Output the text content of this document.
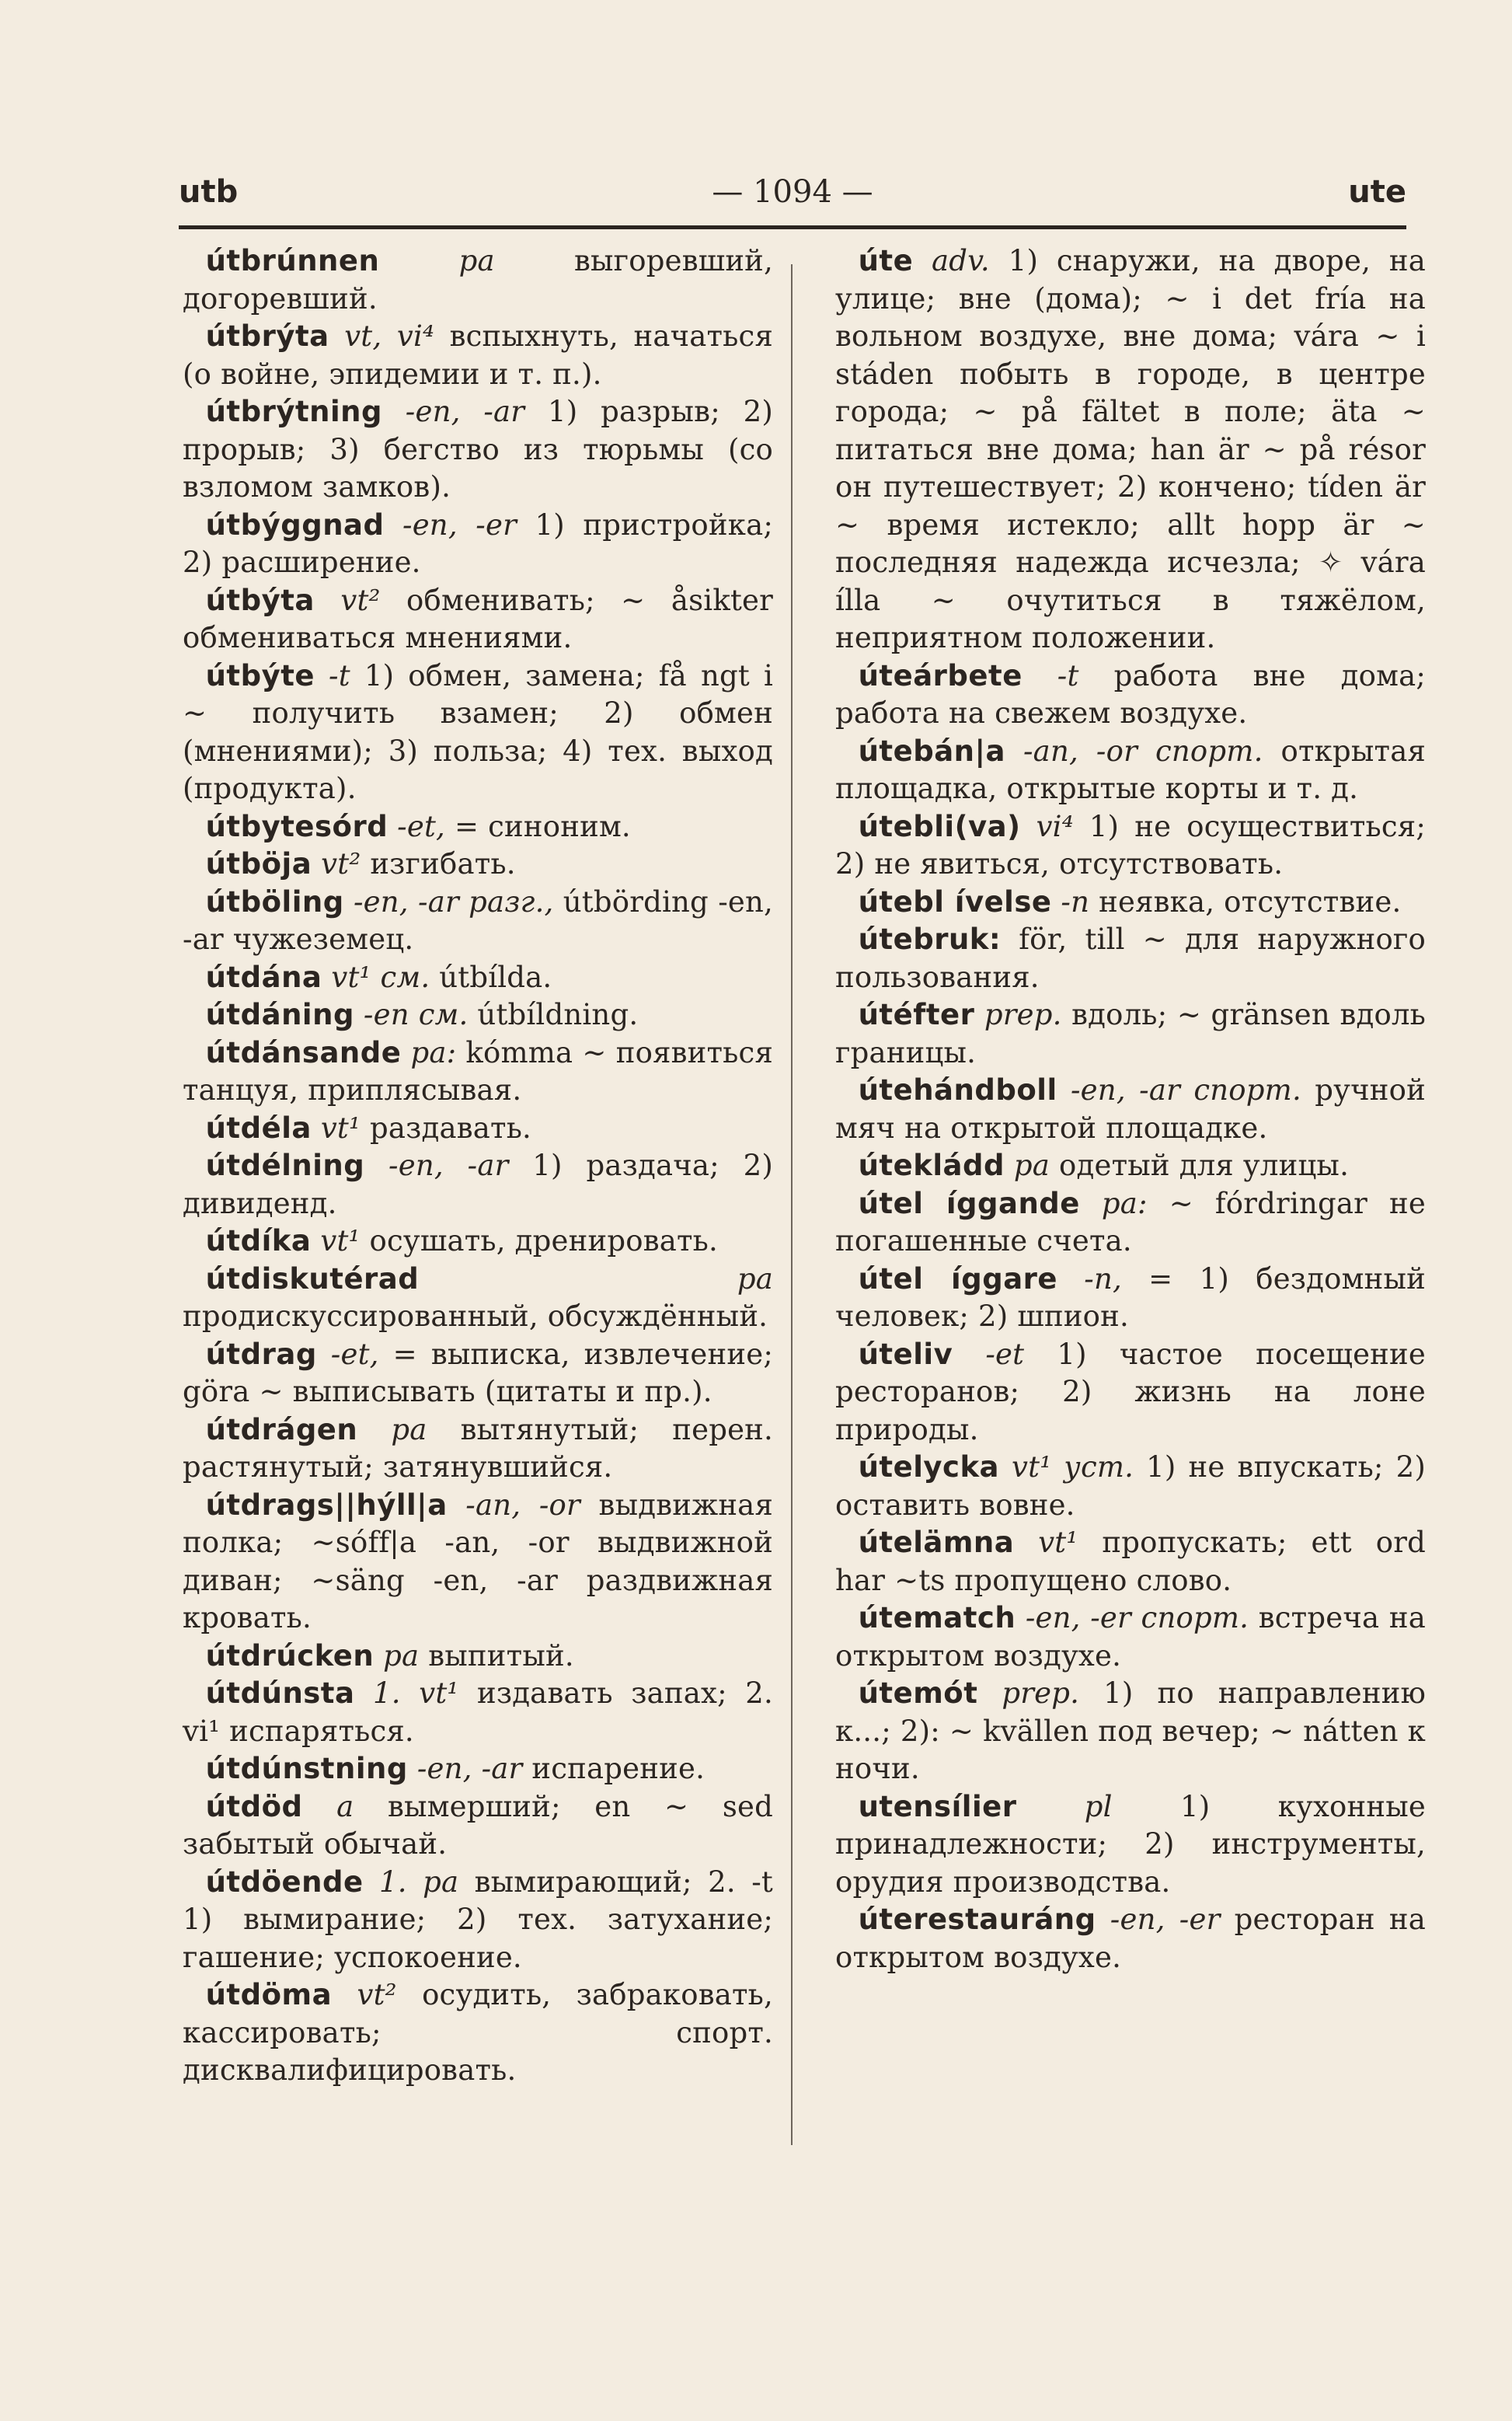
utb	— 1094 —	ute

útbrúnnen pa выгоревший, догоревший.

útbrýta vt, vi⁴ вспыхнуть, начаться (о войне, эпидемии и т. п.).

útbrýtning -en, -ar 1) разрыв; 2) прорыв; 3) бегство из тюрьмы (со взломом замков).

útbýggnad -en, -er 1) пристройка; 2) расширение.

útbýta vt² обменивать; ~ åsikter обмениваться мнениями.

útbýte -t 1) обмен, замена; få ngt i ~ получить взамен; 2) обмен (мнениями); 3) польза; 4) тех. выход (продукта).

útbytesórd -et, = синоним.

útböja vt² изгибать.

útböling -en, -ar разг., útbörding -en, -ar чужеземец.

útdána vt¹ см. útbílda.

útdáning -en см. útbíldning.

útdánsande pa: kómma ~ появиться танцуя, приплясывая.

útdéla vt¹ раздавать.

útdélning -en, -ar 1) раздача; 2) дивиденд.

útdíka vt¹ осушать, дренировать.

útdiskutérad pa продискуссированный, обсуждённый.

útdrag -et, = выписка, извлечение; göra ~ выписывать (цитаты и пр.).

útdrágen pa вытянутый; перен. растянутый; затянувшийся.

útdrags||hýll|a -an, -or выдвижная полка; ~sóff|a -an, -or выдвижной диван; ~säng -en, -ar раздвижная кровать.

útdrúcken pa выпитый.

útdúnsta 1. vt¹ издавать запах; 2. vi¹ испаряться.

útdúnstning -en, -ar испарение.

útdöd a вымерший; en ~ sed забытый обычай.

útdöende 1. pa вымирающий; 2. -t 1) вымирание; 2) тех. затухание; гашение; успокоение.

útdöma vt² осудить, забраковать, кассировать; спорт. дисквалифицировать.

úte adv. 1) снаружи, на дворе, на улице; вне (дома); ~ i det fría на вольном воздухе, вне дома; vára ~ i stáden побыть в городе, в центре города; ~ på fältet в поле; äta ~ питаться вне дома; han är ~ på résor он путешествует; 2) кончено; tíden är ~ время истекло; allt hopp är ~ последняя надежда исчезла; ✧ vára ílla ~ очутиться в тяжёлом, неприятном положении.

úteárbete -t работа вне дома; работа на свежем воздухе.

útebán|a -an, -or спорт. открытая площадка, открытые корты и т. д.

útebli(va) vi⁴ 1) не осуществиться; 2) не явиться, отсутствовать.

útebl ívelse -n неявка, отсутствие.

útebruk: för, till ~ для наружного пользования.

útéfter prep. вдоль; ~ gränsen вдоль границы.

útehándboll -en, -ar спорт. ручной мяч на открытой площадке.

útekládd pa одетый для улицы.

útel íggande pa: ~ fórdringar не погашенные счета.

útel íggare -n, = 1) бездомный человек; 2) шпион.

úteliv -et 1) частое посещение ресторанов; 2) жизнь на лоне природы.

útelycka vt¹ уст. 1) не впускать; 2) оставить вовне.

útelämna vt¹ пропускать; ett ord har ~ts пропущено слово.

útematch -en, -er спорт. встреча на открытом воздухе.

útemót prep. 1) по направлению к...; 2): ~ kvällen под вечер; ~ nátten к ночи.

utensílier pl 1) кухонные принадлежности; 2) инструменты, орудия производства.

úterestauráng -en, -er ресторан на открытом воздухе.
